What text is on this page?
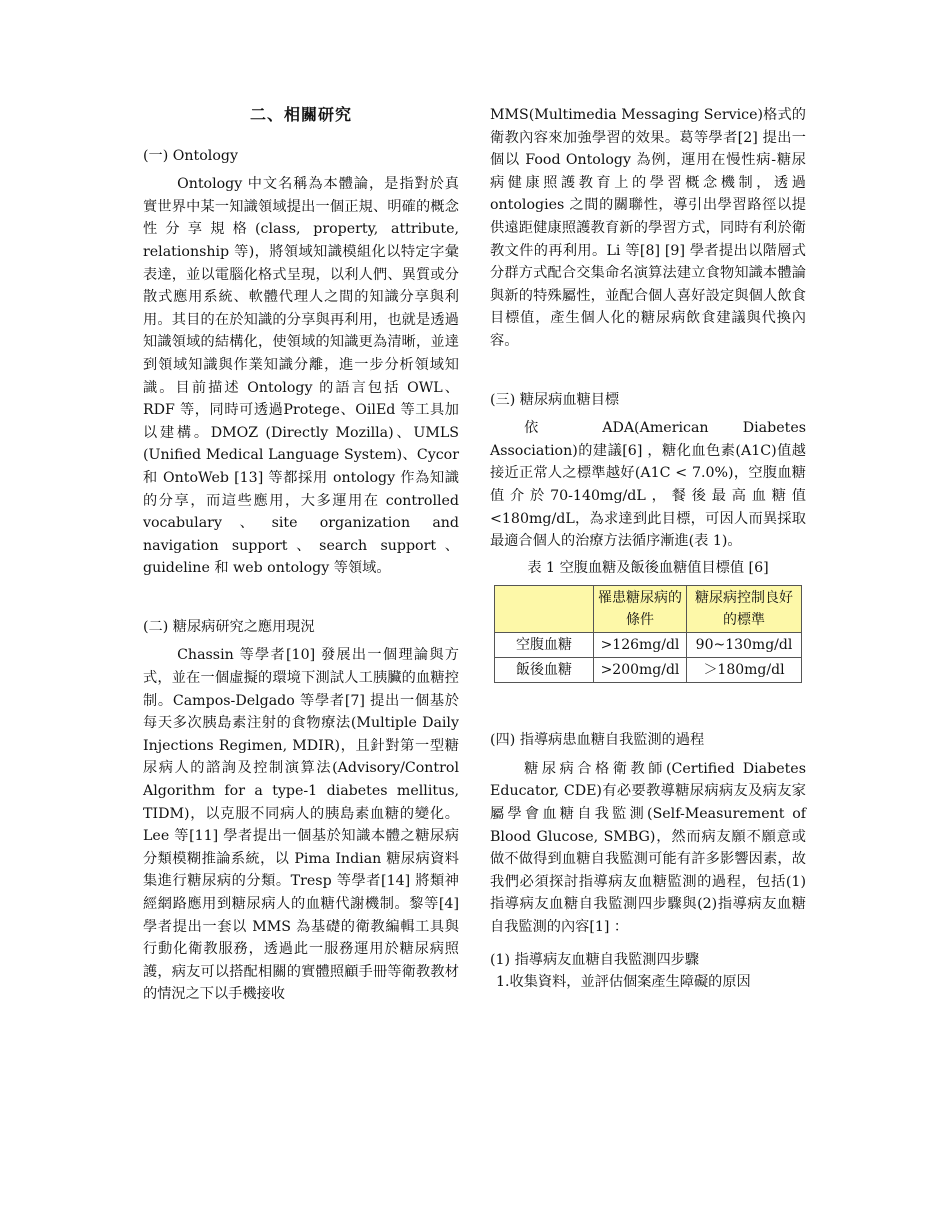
二、相關研究
(一) Ontology

Ontology 中文名稱為本體論，是指對於真實世界中某一知識領域提出一個正規、明確的概念性分享規格(class, property, attribute, relationship 等)，將領域知識模組化以特定字彙表達，並以電腦化格式呈現，以利人們、異質或分散式應用系統、軟體代理人之間的知識分享與利用。其目的在於知識的分享與再利用，也就是透過知識領域的結構化，使領域的知識更為清晰，並達到領域知識與作業知識分離，進一步分析領域知識。目前描述 Ontology 的語言包括 OWL、RDF 等，同時可透過Protege、OilEd 等工具加以建構。DMOZ (Directly Mozilla)、UMLS (Unified Medical Language System)、Cycor 和 OntoWeb [13] 等都採用 ontology 作為知識的分享，而這些應用，大多運用在 controlled vocabulary、site organization and navigation support、search support、guideline 和 web ontology 等領域。

(二) 糖尿病研究之應用現況

Chassin 等學者[10] 發展出一個理論與方式，並在一個虛擬的環境下測試人工胰臟的血糖控制。Campos-Delgado 等學者[7] 提出一個基於每天多次胰島素注射的食物療法(Multiple Daily Injections Regimen, MDIR)，且針對第一型糖尿病人的諮詢及控制演算法(Advisory/Control Algorithm for a type-1 diabetes mellitus, TIDM)，以克服不同病人的胰島素血糖的變化。Lee 等[11] 學者提出一個基於知識本體之糖尿病分類模糊推論系統，以 Pima Indian 糖尿病資料集進行糖尿病的分類。Tresp 等學者[14] 將類神經網路應用到糖尿病人的血糖代謝機制。黎等[4] 學者提出一套以 MMS 為基礎的衛教編輯工具與行動化衛教服務，透過此一服務運用於糖尿病照護，病友可以搭配相關的實體照顧手冊等衛教教材的情況之下以手機接收

MMS(Multimedia Messaging Service)格式的衛教內容來加強學習的效果。葛等學者[2] 提出一個以 Food Ontology 為例，運用在慢性病-糖尿病健康照護教育上的學習概念機制，透過 ontologies 之間的關聯性，導引出學習路徑以提供遠距健康照護教育新的學習方式，同時有利於衛教文件的再利用。Li 等[8] [9] 學者提出以階層式分群方式配合交集命名演算法建立食物知識本體論與新的特殊屬性，並配合個人喜好設定與個人飲食目標值，產生個人化的糖尿病飲食建議與代換內容。

(三) 糖尿病血糖目標

依 ADA(American Diabetes Association)的建議[6] ，糖化血色素(A1C)值越接近正常人之標準越好(A1C < 7.0%)，空腹血糖值介於70-140mg/dL，餐後最高血糖值<180mg/dL，為求達到此目標，可因人而異採取最適合個人的治療方法循序漸進(表 1)。

表 1 空腹血糖及飯後血糖值目標值 [6]
	罹患糖尿病的條件	糖尿病控制良好的標準
空腹血糖	>126mg/dl	90~130mg/dl
飯後血糖	>200mg/dl	＞180mg/dl
(四) 指導病患血糖自我監測的過程

糖尿病合格衛教師(Certified Diabetes Educator, CDE)有必要教導糖尿病病友及病友家屬學會血糖自我監測(Self-Measurement of Blood Glucose, SMBG)，然而病友願不願意或做不做得到血糖自我監測可能有許多影響因素，故我們必須探討指導病友血糖監測的過程，包括(1)指導病友血糖自我監測四步驟與(2)指導病友血糖自我監測的內容[1] ：

(1) 指導病友血糖自我監測四步驟
1.收集資料，並評估個案產生障礙的原因
